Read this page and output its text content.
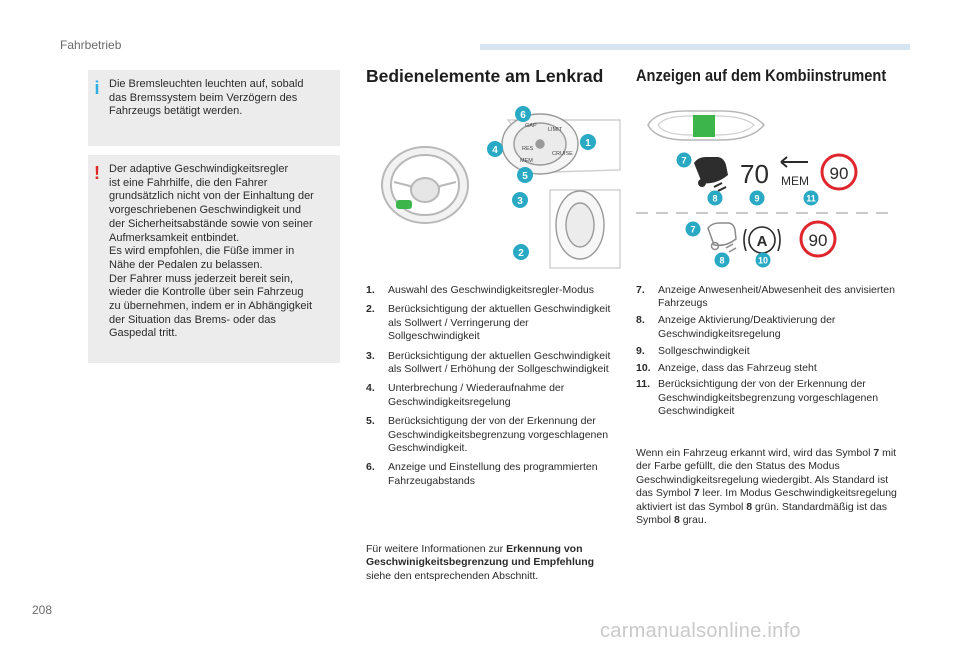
Fahrbetrieb
i Die Bremsleuchten leuchten auf, sobald
das Bremssystem beim Verzögern des
Fahrzeugs betätigt werden.
! Der adaptive Geschwindigkeitsregler
ist eine Fahrhilfe, die den Fahrer
grundsätzlich nicht von der Einhaltung der
vorgeschriebenen Geschwindigkeit und
der Sicherheitsabstände sowie von seiner
Aufmerksamkeit entbindet.
Es wird empfohlen, die Füße immer in
Nähe der Pedalen zu belassen.
Der Fahrer muss jederzeit bereit sein,
wieder die Kontrolle über sein Fahrzeug
zu übernehmen, indem er in Abhängigkeit
der Situation das Brems- oder das
Gaspedal tritt.
Bedienelemente am Lenkrad
GAP
LIMIT
CRUISE
MEM
RES
6
4
1
5
3
2
1. Auswahl des Geschwindigkeitsregler-Modus
2. Berücksichtigung der aktuellen Geschwindigkeit als Sollwert / Verringerung der Sollgeschwindigkeit
3. Berücksichtigung der aktuellen Geschwindigkeit als Sollwert / Erhöhung der Sollgeschwindigkeit
4. Unterbrechung / Wiederaufnahme der Geschwindigkeitsregelung
5. Berücksichtigung der von der Erkennung der Geschwindigkeitsbegrenzung vorgeschlagenen Geschwindigkeit.
6. Anzeige und Einstellung des programmierten Fahrzeugabstands
Für weitere Informationen zur Erkennung von Geschwinigkeitsbegrenzung und Empfehlung siehe den entsprechenden Abschnitt.
Anzeigen auf dem Kombiinstrument
70 MEM 90
7
8	9	11
A 90
7
8	10
7. Anzeige Anwesenheit/Abwesenheit des anvisierten Fahrzeugs
8. Anzeige Aktivierung/Deaktivierung der Geschwindigkeitsregelung
9. Sollgeschwindigkeit
10. Anzeige, dass das Fahrzeug steht
11. Berücksichtigung der von der Erkennung der Geschwindigkeitsbegrenzung vorgeschlagenen Geschwindigkeit
Wenn ein Fahrzeug erkannt wird, wird das Symbol 7 mit der Farbe gefüllt, die den Status des Modus Geschwindigkeitsregelung wiedergibt. Als Standard ist das Symbol 7 leer. Im Modus Geschwindigkeitsregelung aktiviert ist das Symbol 8 grün. Standardmäßig ist das Symbol 8 grau.
208
carmanualsonline.info
